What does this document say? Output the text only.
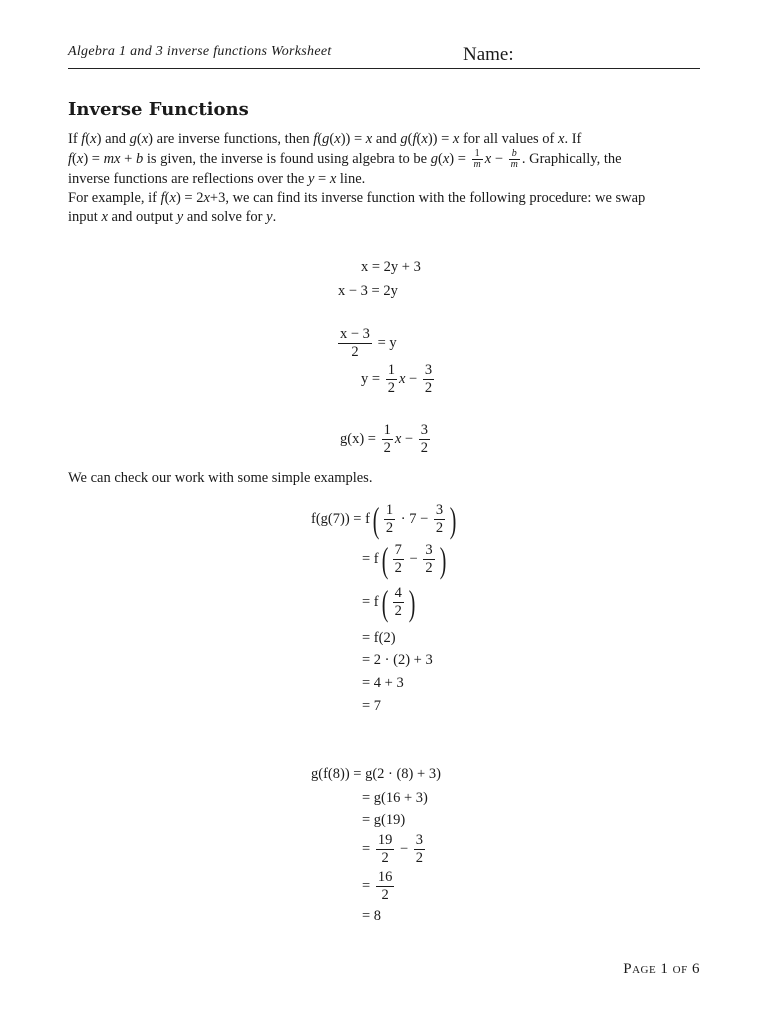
Algebra 1 and 3 inverse functions Worksheet	Name:
Inverse Functions
If f(x) and g(x) are inverse functions, then f(g(x)) = x and g(f(x)) = x for all values of x. If
f(x) = mx + b is given, the inverse is found using algebra to be $g(x) = \frac{1}{m}$ $x - \frac{b}{m}$ . Graphically, the
inverse functions are reflections over the y = x line.
For example, if f(x) = 2x+3, we can find its inverse function with the following procedure: we swap
input x and output y and solve for y.
x = 2y + 3
x − 3 = 2y
$\frac{x - 3}{2} = y$
$y = \frac{1}{2}$ $x - \frac{3}{2}$
$g(x) = \frac{1}{2}$ $x - \frac{3}{2}$
We can check our work with some simple examples.
$f(g(7)) = f( \frac{1}{2} \cdot 7 - \frac{3}{2}$ )
= $f( \frac{7}{2} - \frac{3}{2}$ )
= $f( \frac{4}{2}$ )
= f(2)
= 2 · (2) + 3
= 4 + 3
= 7
g(f(8)) = g(2 · (8) + 3)
= g(16 + 3)
= g(19)
= $\frac{19}{2} - \frac{3}{2}$
= $\frac{16}{2}$
= 8
Page 1 of 6
